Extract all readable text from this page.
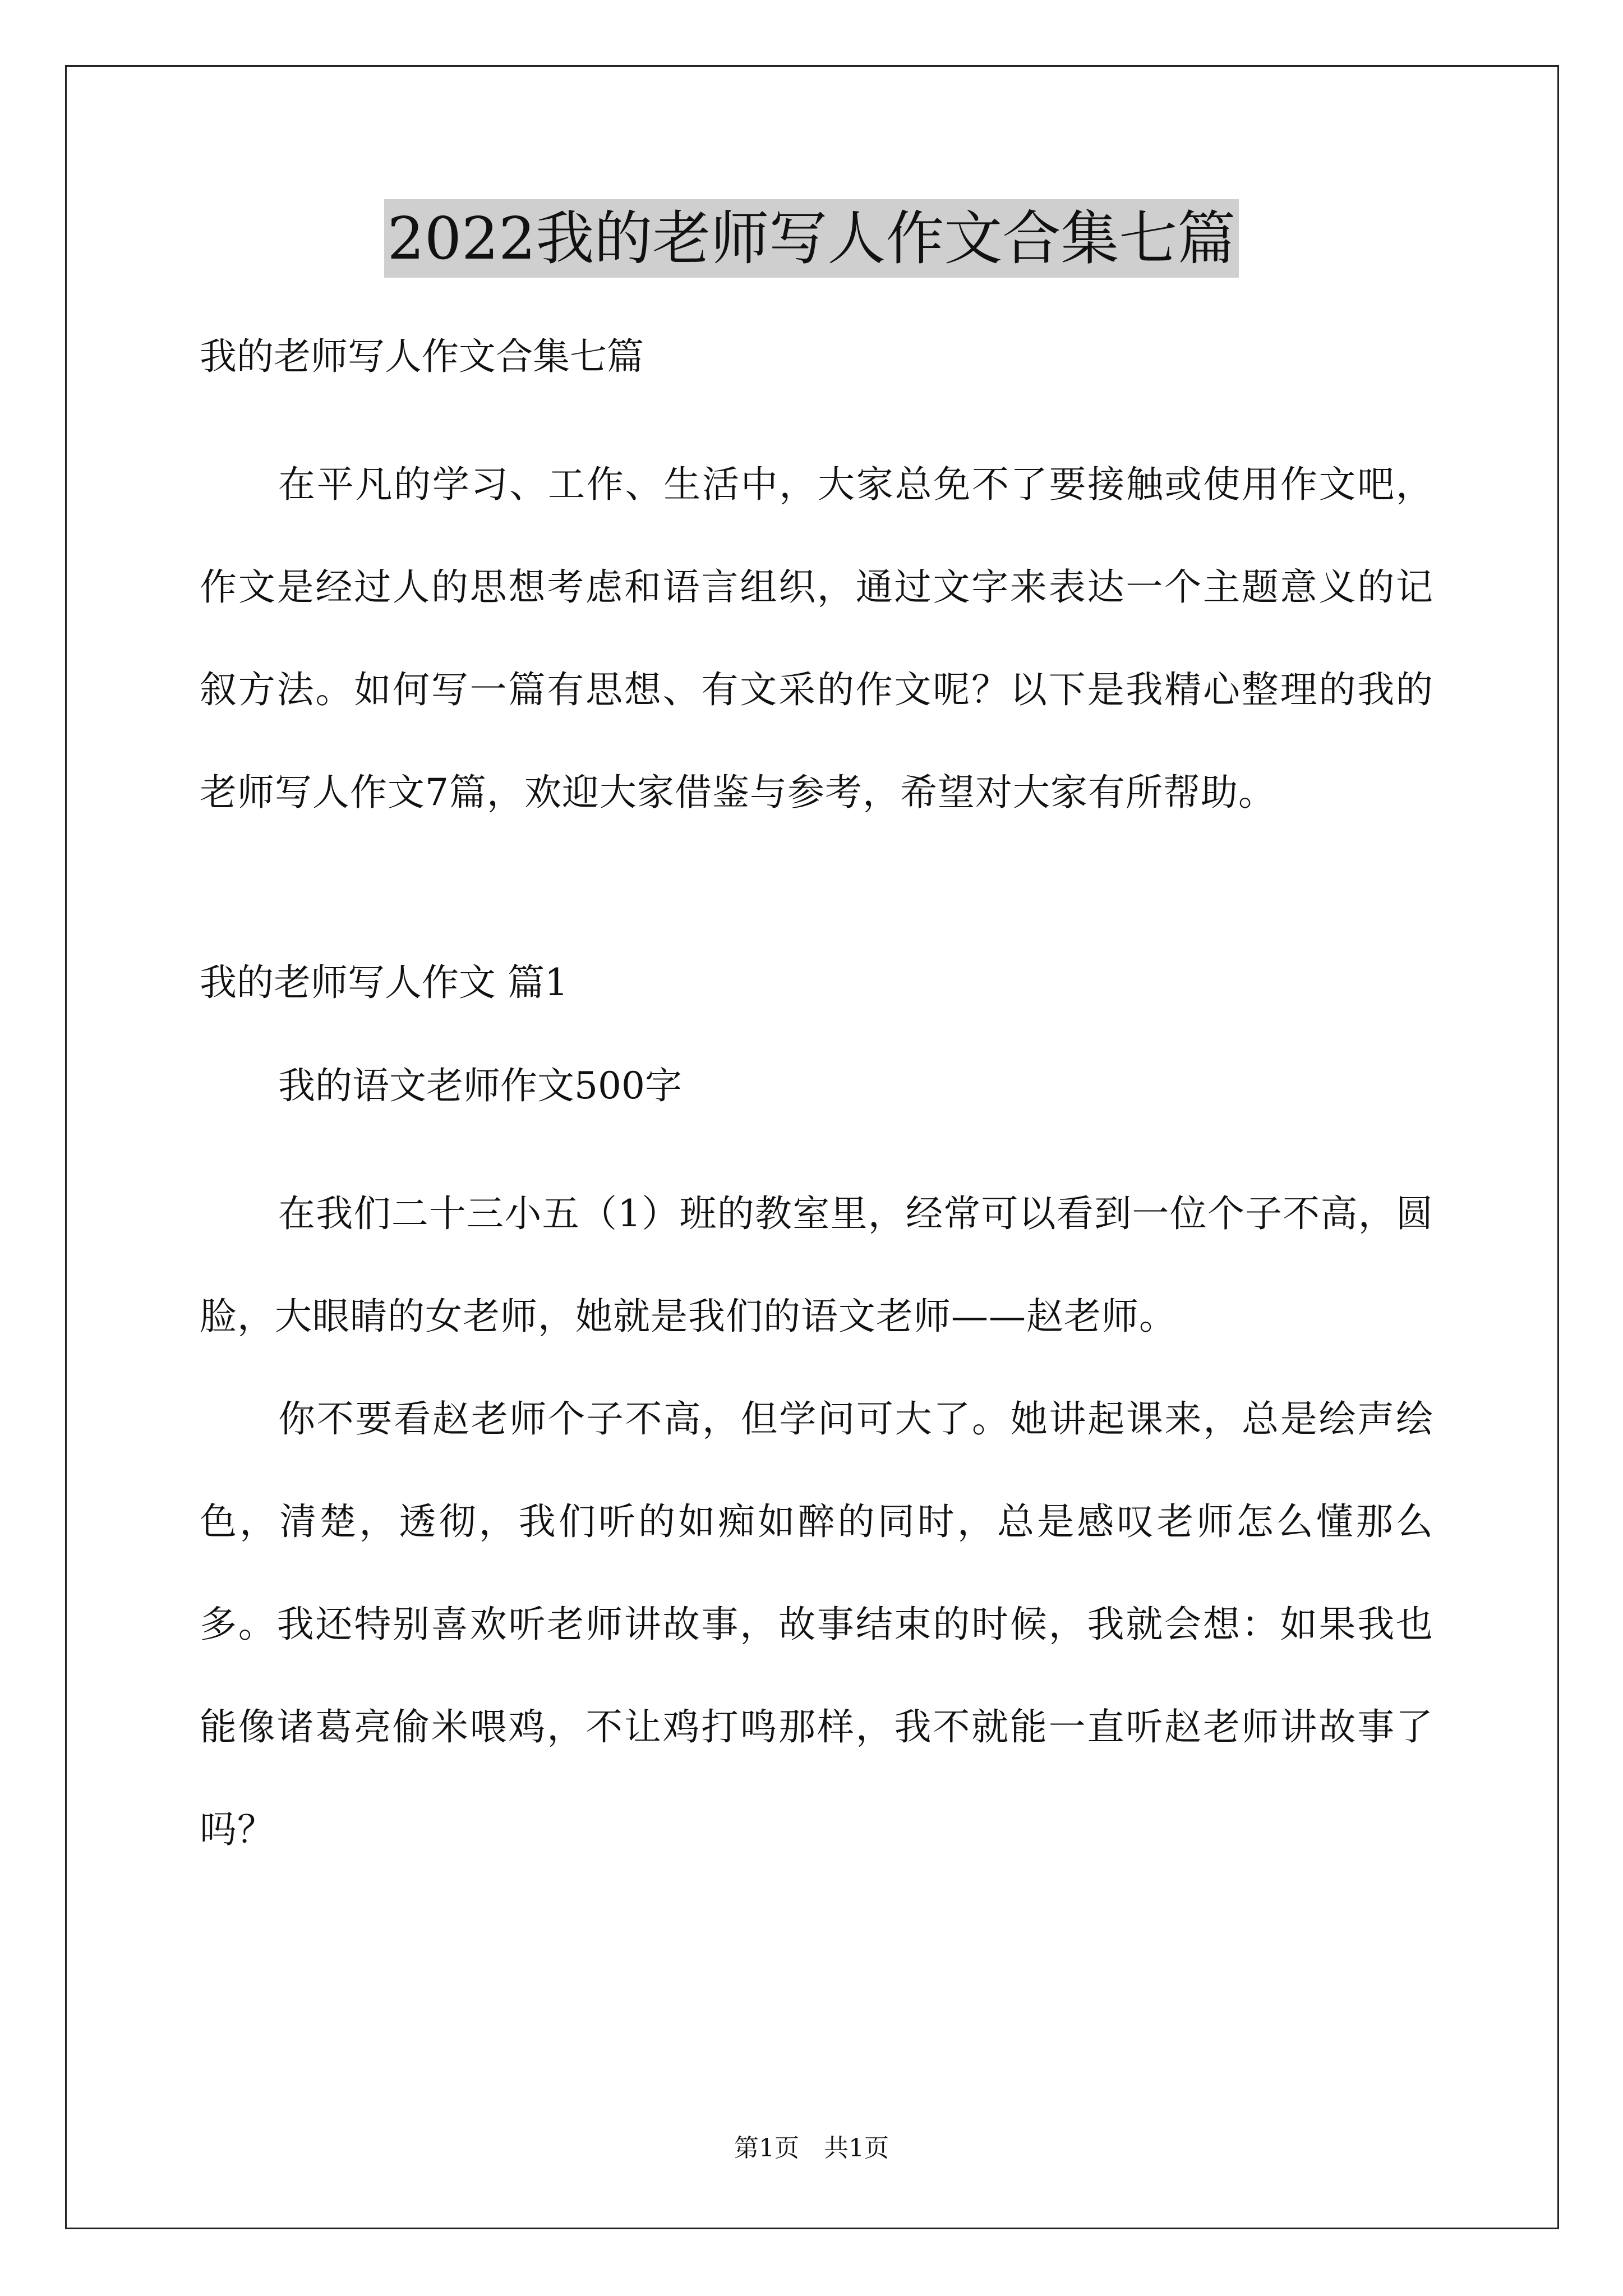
2022我的老师写人作文合集七篇

我的老师写人作文合集七篇

在平凡的学习、工作、生活中，大家总免不了要接触或使用作文吧，作文是经过人的思想考虑和语言组织，通过文字来表达一个主题意义的记叙方法。如何写一篇有思想、有文采的作文呢？以下是我精心整理的我的老师写人作文7篇，欢迎大家借鉴与参考，希望对大家有所帮助。

我的老师写人作文 篇1

我的语文老师作文500字

在我们二十三小五（1）班的教室里，经常可以看到一位个子不高，圆脸，大眼睛的女老师，她就是我们的语文老师——赵老师。

你不要看赵老师个子不高，但学问可大了。她讲起课来，总是绘声绘色，清楚，透彻，我们听的如痴如醉的同时，总是感叹老师怎么懂那么多。我还特别喜欢听老师讲故事，故事结束的时候，我就会想：如果我也能像诸葛亮偷米喂鸡，不让鸡打鸣那样，我不就能一直听赵老师讲故事了吗？

第1页　共1页
